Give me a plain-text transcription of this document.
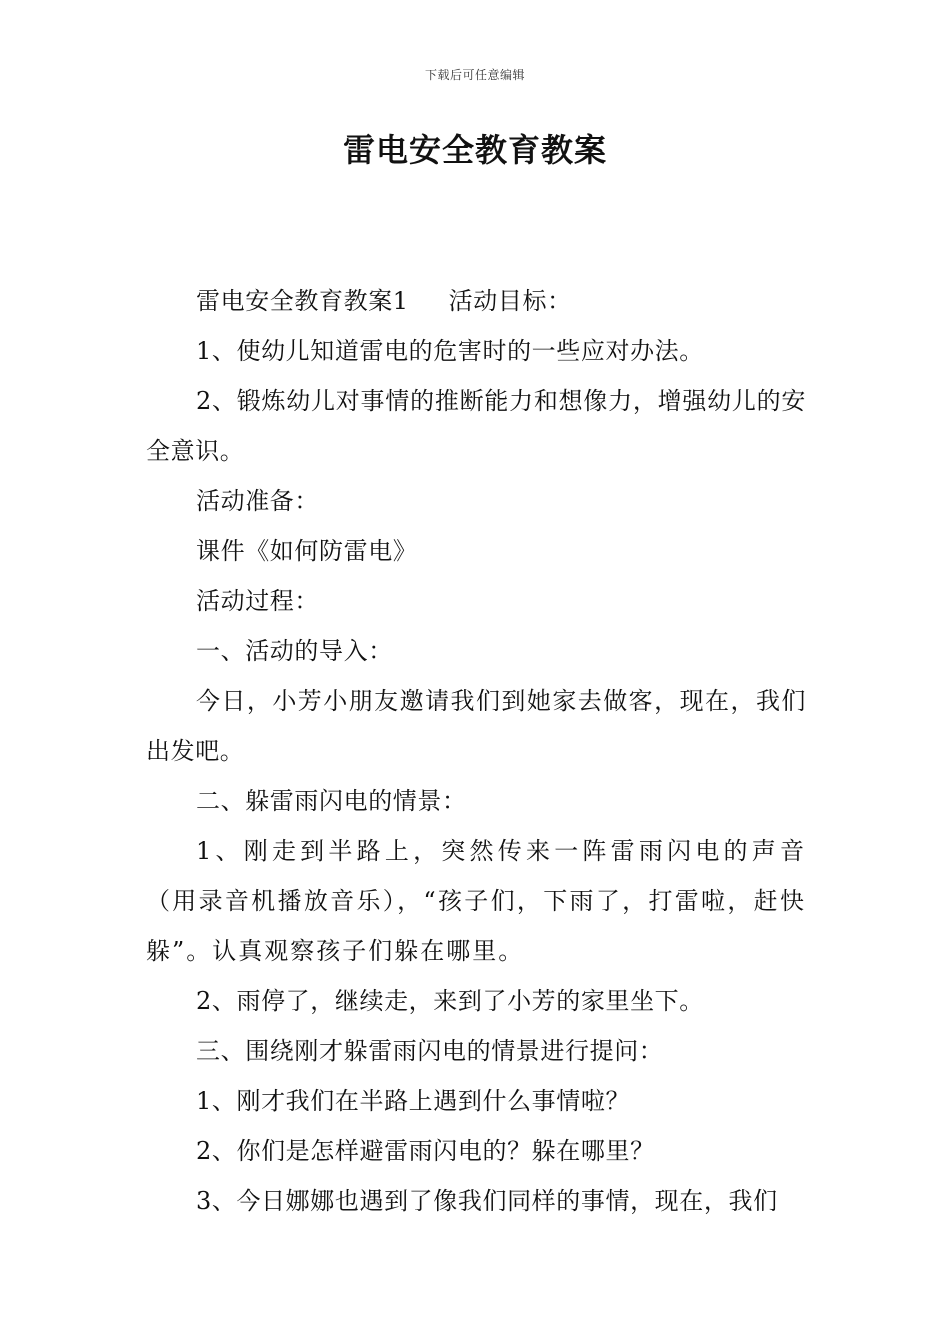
下载后可任意编辑
雷电安全教育教案

雷电安全教育教案1 活动目标：

1、使幼儿知道雷电的危害时的一些应对办法。

2、锻炼幼儿对事情的推断能力和想像力，增强幼儿的安全意识。

活动准备：

课件《如何防雷电》

活动过程：

一、活动的导入：

今日，小芳小朋友邀请我们到她家去做客，现在，我们出发吧。

二、躲雷雨闪电的情景：

1、刚走到半路上，突然传来一阵雷雨闪电的声音（用录音机播放音乐），“孩子们，下雨了，打雷啦，赶快躲”。认真观察孩子们躲在哪里。

2、雨停了，继续走，来到了小芳的家里坐下。

三、围绕刚才躲雷雨闪电的情景进行提问：

1、刚才我们在半路上遇到什么事情啦？

2、你们是怎样避雷雨闪电的？躲在哪里？

3、今日娜娜也遇到了像我们同样的事情，现在，我们
